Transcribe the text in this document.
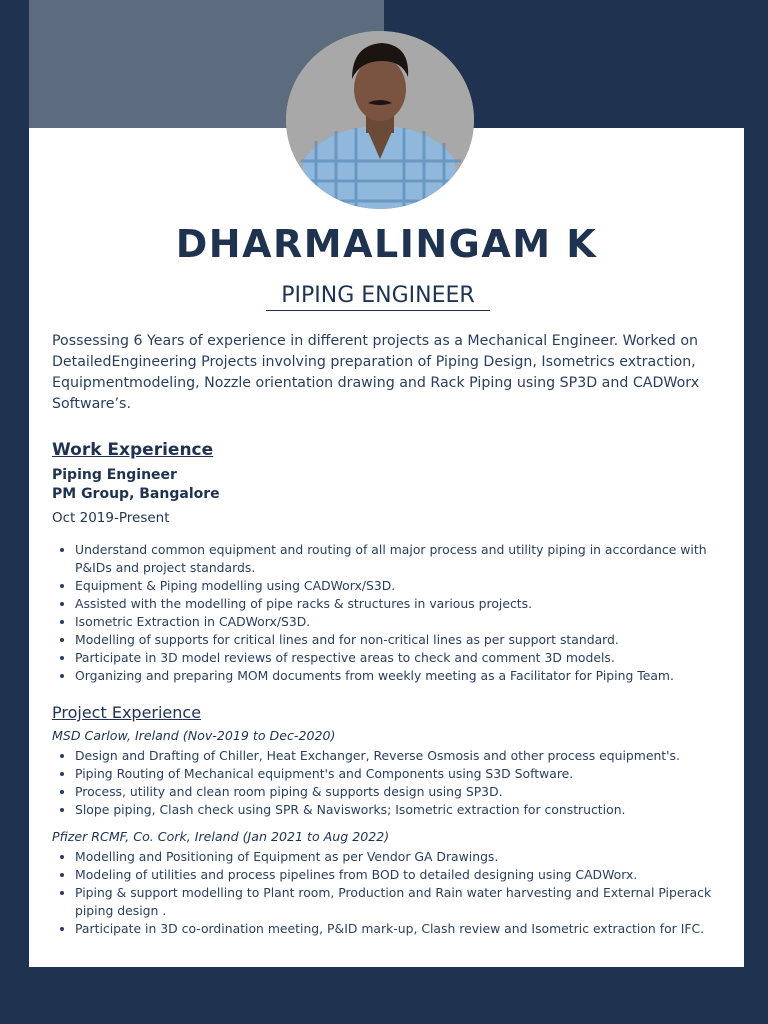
DHARMALINGAM K
PIPING ENGINEER
Possessing 6 Years of experience in different projects as a Mechanical Engineer. Worked on DetailedEngineering Projects involving preparation of Piping Design, Isometrics extraction, Equipmentmodeling, Nozzle orientation drawing and Rack Piping using SP3D and CADWorx Software’s.
Work Experience
Piping Engineer
PM Group, Bangalore
Oct 2019-Present
• Understand common equipment and routing of all major process and utility piping in accordance with P&IDs and project standards.
• Equipment & Piping modelling using CADWorx/S3D.
• Assisted with the modelling of pipe racks & structures in various projects.
• Isometric Extraction in CADWorx/S3D.
• Modelling of supports for critical lines and for non-critical lines as per support standard.
• Participate in 3D model reviews of respective areas to check and comment 3D models.
• Organizing and preparing MOM documents from weekly meeting as a Facilitator for Piping Team.
Project Experience
MSD Carlow, Ireland (Nov-2019 to Dec-2020)
• Design and Drafting of Chiller, Heat Exchanger, Reverse Osmosis and other process equipment's.
• Piping Routing of Mechanical equipment's and Components using S3D Software.
• Process, utility and clean room piping & supports design using SP3D.
• Slope piping, Clash check using SPR & Navisworks; Isometric extraction for construction.
Pfizer RCMF, Co. Cork, Ireland (Jan 2021 to Aug 2022)
• Modelling and Positioning of Equipment as per Vendor GA Drawings.
• Modeling of utilities and process pipelines from BOD to detailed designing using CADWorx.
• Piping & support modelling to Plant room, Production and Rain water harvesting and External Piperack piping design .
• Participate in 3D co-ordination meeting, P&ID mark-up, Clash review and Isometric extraction for IFC.
